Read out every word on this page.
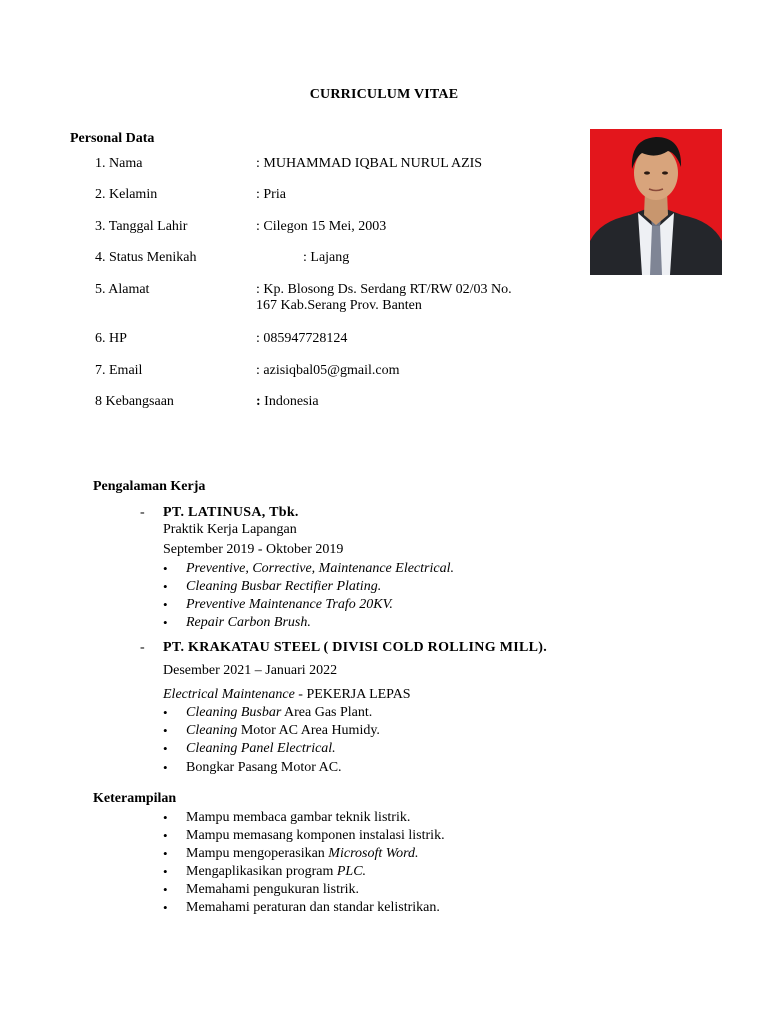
CURRICULUM VITAE
Personal Data
1. Nama	: MUHAMMAD IQBAL NURUL AZIS
2. Kelamin	: Pria
3. Tanggal Lahir	: Cilegon 15 Mei, 2003
4. Status Menikah	: Lajang
5. Alamat	: Kp. Blosong Ds. Serdang RT/RW 02/03 No.
167 Kab.Serang Prov. Banten
6. HP	: 085947728124
7. Email	: azisiqbal05@gmail.com
8 Kebangsaan	: Indonesia
Pengalaman Kerja
- PT. LATINUSA, Tbk.
Praktik Kerja Lapangan
September 2019 - Oktober 2019
• Preventive, Corrective, Maintenance Electrical.
• Cleaning Busbar Rectifier Plating.
• Preventive Maintenance Trafo 20KV.
• Repair Carbon Brush.
- PT. KRAKATAU STEEL ( DIVISI COLD ROLLING MILL).
Desember 2021 – Januari 2022
Electrical Maintenance - PEKERJA LEPAS
• Cleaning Busbar Area Gas Plant.
• Cleaning Motor AC Area Humidy.
• Cleaning Panel Electrical.
• Bongkar Pasang Motor AC.
Keterampilan
• Mampu membaca gambar teknik listrik.
• Mampu memasang komponen instalasi listrik.
• Mampu mengoperasikan Microsoft Word.
• Mengaplikasikan program PLC.
• Memahami pengukuran listrik.
• Memahami peraturan dan standar kelistrikan.
